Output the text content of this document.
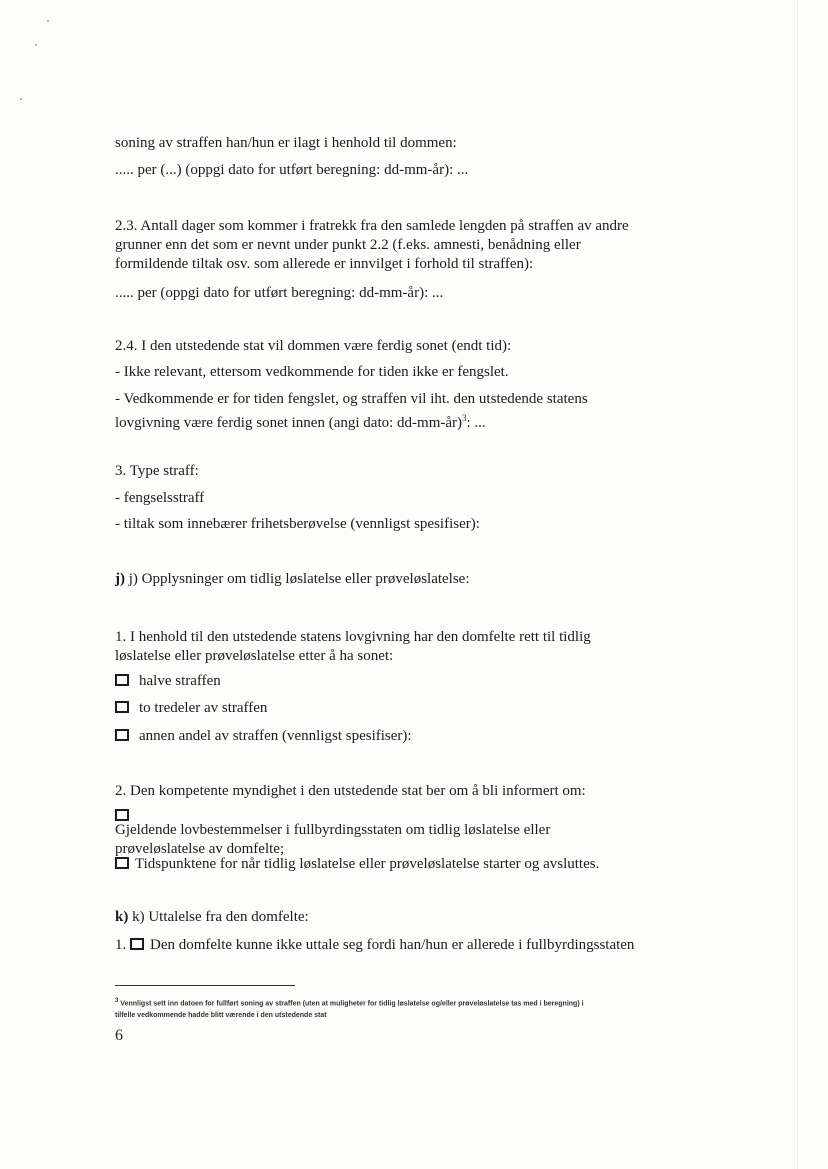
soning av straffen han/hun er ilagt i henhold til dommen:
..... per (...) (oppgi dato for utført beregning: dd-mm-år): ...
2.3. Antall dager som kommer i fratrekk fra den samlede lengden på straffen av andre
grunner enn det som er nevnt under punkt 2.2 (f.eks. amnesti, benådning eller
formildende tiltak osv. som allerede er innvilget i forhold til straffen):
..... per (oppgi dato for utført beregning: dd-mm-år): ...
2.4. I den utstedende stat vil dommen være ferdig sonet (endt tid):
- Ikke relevant, ettersom vedkommende for tiden ikke er fengslet.
- Vedkommende er for tiden fengslet, og straffen vil iht. den utstedende statens
lovgivning være ferdig sonet innen (angi dato: dd-mm-år)$^3$: ...
3. Type straff:
- fengselsstraff
- tiltak som innebærer frihetsberøvelse (vennligst spesifiser):
j) j) Opplysninger om tidlig løslatelse eller prøveløslatelse:
1. I henhold til den utstedende statens lovgivning har den domfelte rett til tidlig
løslatelse eller prøveløslatelse etter å ha sonet:
halve straffen
to tredeler av straffen
annen andel av straffen (vennligst spesifiser):
2. Den kompetente myndighet i den utstedende stat ber om å bli informert om:
Gjeldende lovbestemmelser i fullbyrdingsstaten om tidlig løslatelse eller
prøveløslatelse av domfelte;
Tidspunktene for når tidlig løslatelse eller prøveløslatelse starter og avsluttes.
k) k) Uttalelse fra den domfelte:
1. Den domfelte kunne ikke uttale seg fordi han/hun er allerede i fullbyrdingsstaten
$^3$ Vennligst sett inn datoen for fullført soning av straffen (uten at muligheter for tidlig løslatelse og/eller prøveløslatelse tas med i beregning) i
tilfelle vedkommende hadde blitt værende i den utstedende stat
6
